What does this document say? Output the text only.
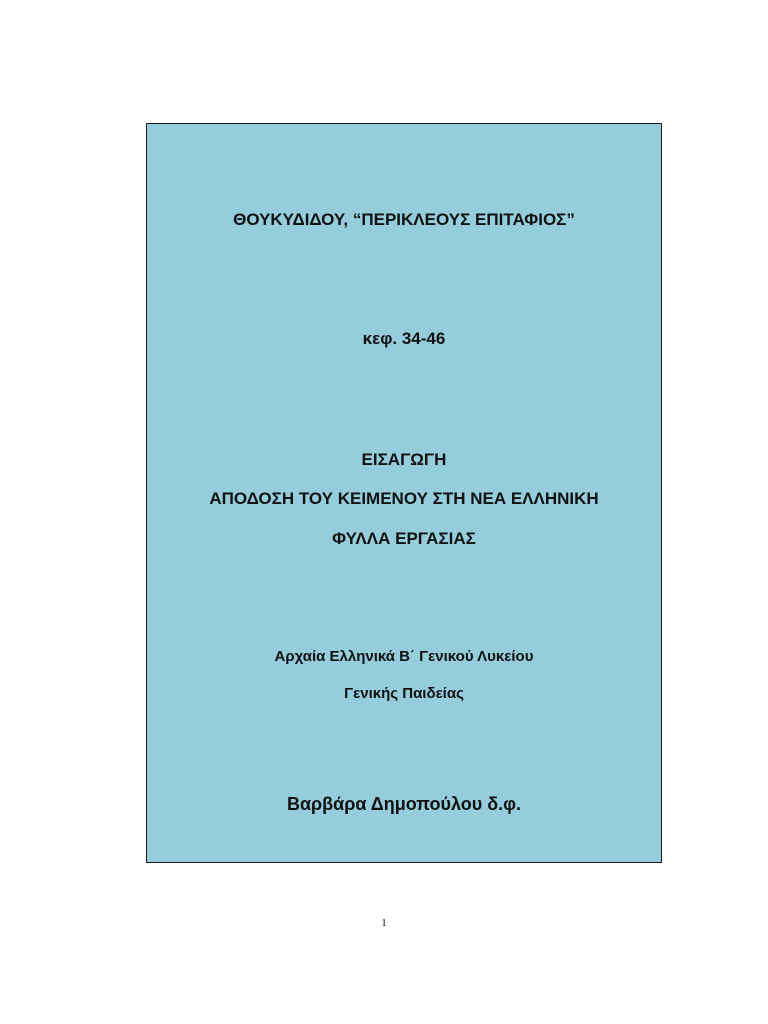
ΘΟΥΚΥΔΙΔΟΥ, “ΠΕΡΙΚΛΕΟΥΣ ΕΠΙΤΑΦΙΟΣ”
κεφ. 34-46
ΕΙΣΑΓΩΓΗ
ΑΠΟΔΟΣΗ ΤΟΥ ΚΕΙΜΕΝΟΥ ΣΤΗ ΝΕΑ ΕΛΛΗΝΙΚΗ
ΦΥΛΛΑ ΕΡΓΑΣΙΑΣ
Αρχαία Ελληνικά Β΄ Γενικού Λυκείου
Γενικής Παιδείας
Βαρβάρα Δημοπούλου δ.φ.
1
